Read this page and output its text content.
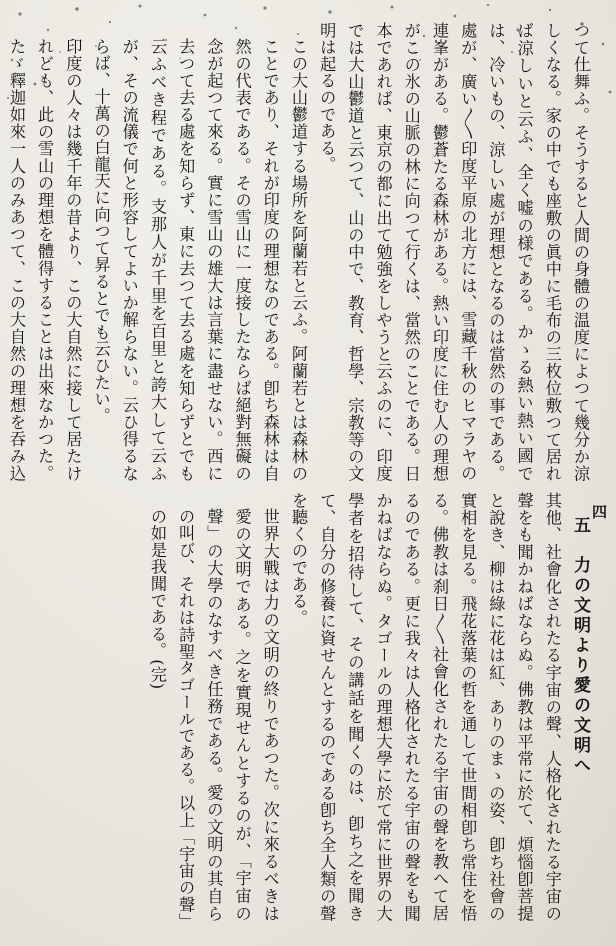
つて仕舞ふ。そうすると人間の身體の温度によつて幾分か涼しくなる。家の中でも座敷の眞中に毛布の三枚位敷つて居れば涼しいと云ふ、全く嘘の様である。かゝる熱い熱い國では、冷いもの、涼しい處が理想となるのは當然の事である。處が、廣い〳〵印度平原の北方には、雪藏千秋のヒマラヤの連峯がある。鬱蒼たる森林がある。熱い印度に住む人の理想がこの氷の山脈の林に向つて行くは、當然のことである。日本であれば、東京の都に出て勉強をしやうと云ふのに、印度では大山鬱道と云つて、山の中で、教育、哲學、宗教等の文明は起るのである。

この大山鬱道する場所を阿蘭若と云ふ。阿蘭若とは森林のことであり、それが印度の理想なのである。卽ち森林は自然の代表である。その雪山に一度接したならば絕對無礙の念が起つて來る。實に雪山の雄大は言葉に盡せない。西に去つて去る處を知らず、東に去つて去る處を知らずとでも云ふべき程である。支那人が千里を百里と誇大して云ふが、その流儀で何と形容してよいか解らない。云ひ得るならば、十萬の白龍天に向つて昇るとでも云ひたい。

印度の人々は幾千年の昔より、この大自然に接して居たけれども、此の雪山の理想を體得することは出來なかつた。たゞ釋迦如來一人のみあつて、この大自然の理想を吞み込

四

五　力の文明より愛の文明へ

其他、社會化されたる宇宙の聲、人格化されたる宇宙の聲をも聞かねばならぬ。佛教は平常に於て、煩惱卽菩提と說き、柳は綠に花は紅、ありのまゝの姿、卽ち社會の實相を見る。飛花落葉の哲を通して世間相卽ち常住を悟る。佛教は刹日〳〵社會化されたる宇宙の聲を教へて居るのである。更に我々は人格化されたる宇宙の聲をも聞かねばならぬ。タゴールの理想大學に於て常に世界の大學者を招待して、その講話を聞くのは、卽ち之を聞きて、自分の修養に資せんとするのである卽ち全人類の聲を聽くのである。

世界大戰は力の文明の終りであつた。次に來るべきは愛の文明である。之を實現せんとするのが、「宇宙の聲」の大學のなすべき任務である。愛の文明の其自らの叫び、それは詩聖タゴールである。以上「宇宙の聲」の如是我聞である。(完)
